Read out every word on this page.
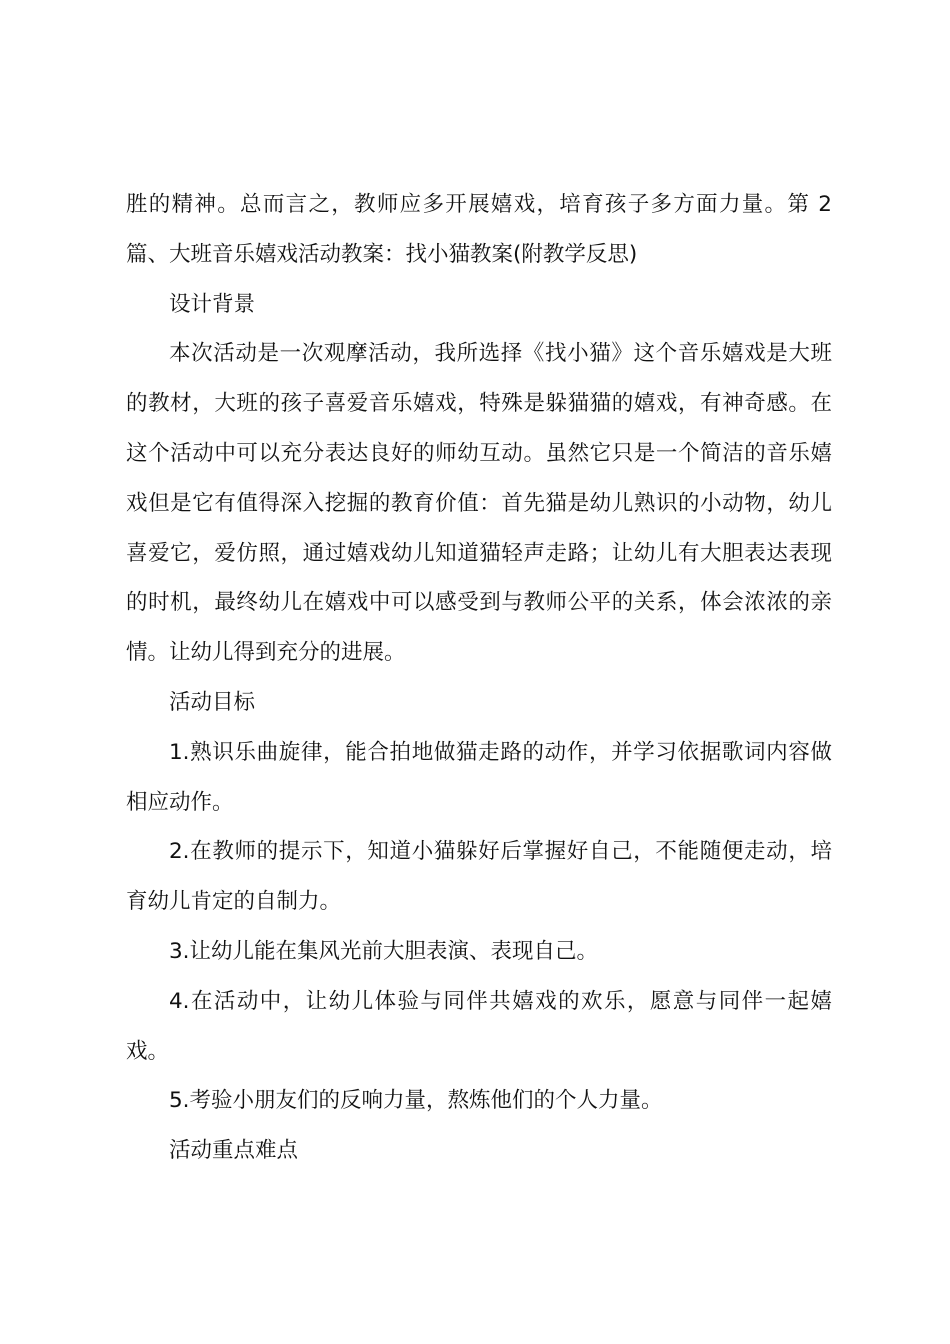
胜的精神。总而言之，教师应多开展嬉戏，培育孩子多方面力量。第 2 篇、大班音乐嬉戏活动教案：找小猫教案(附教学反思)

设计背景

本次活动是一次观摩活动，我所选择《找小猫》这个音乐嬉戏是大班的教材，大班的孩子喜爱音乐嬉戏，特殊是躲猫猫的嬉戏，有神奇感。在这个活动中可以充分表达良好的师幼互动。虽然它只是一个简洁的音乐嬉戏但是它有值得深入挖掘的教育价值：首先猫是幼儿熟识的小动物，幼儿喜爱它，爱仿照，通过嬉戏幼儿知道猫轻声走路；让幼儿有大胆表达表现的时机，最终幼儿在嬉戏中可以感受到与教师公平的关系，体会浓浓的亲情。让幼儿得到充分的进展。

活动目标

1.熟识乐曲旋律，能合拍地做猫走路的动作，并学习依据歌词内容做相应动作。

2.在教师的提示下，知道小猫躲好后掌握好自己，不能随便走动，培育幼儿肯定的自制力。

3.让幼儿能在集风光前大胆表演、表现自己。

4.在活动中，让幼儿体验与同伴共嬉戏的欢乐，愿意与同伴一起嬉戏。

5.考验小朋友们的反响力量，熬炼他们的个人力量。

活动重点难点
